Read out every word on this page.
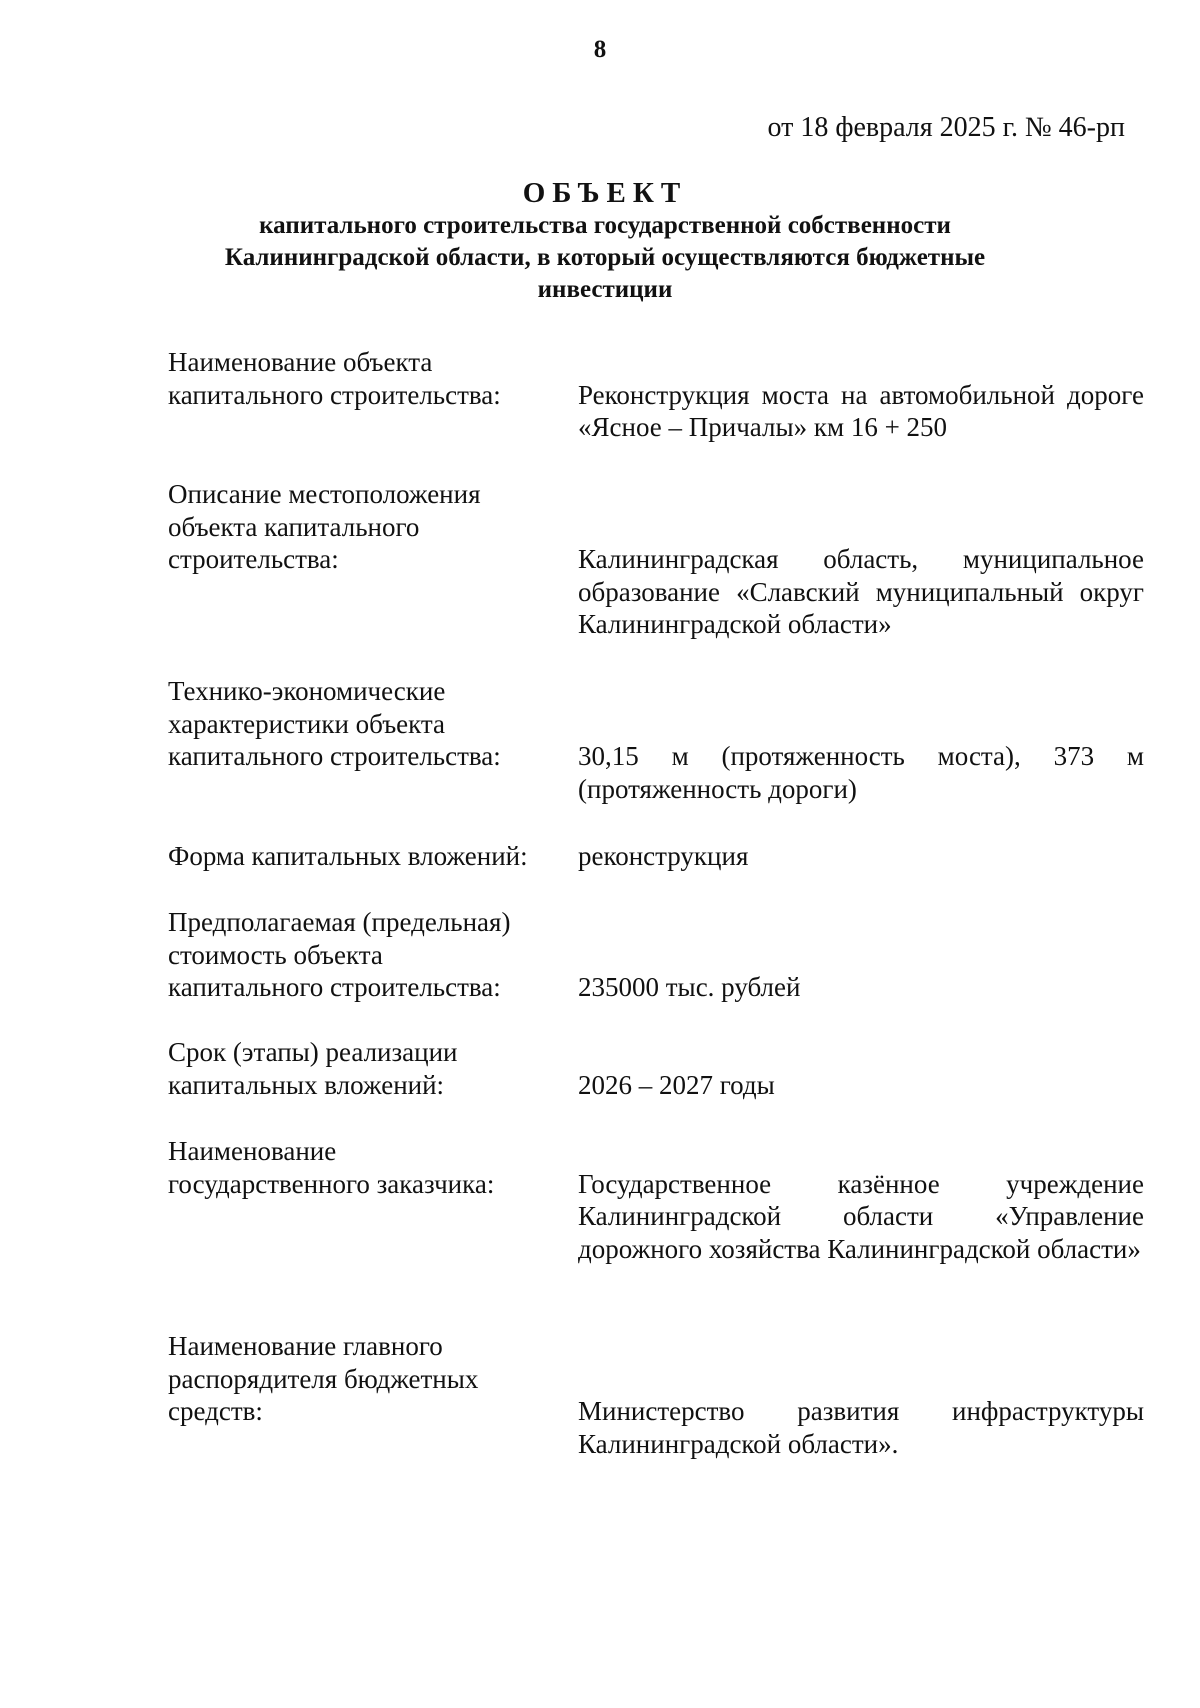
8
от 18 февраля 2025 г. № 46-рп
ОБЪЕКТ
капитального строительства государственной собственности Калининградской области, в который осуществляются бюджетные инвестиции
Наименование объекта
капитального строительства:	Реконструкция моста на автомобильной дороге «Ясное – Причалы» км 16 + 250
Описание местоположения
объекта капитального
строительства:	Калининградская область, муниципальное образование «Славский муниципальный округ Калининградской области»
Технико-экономические
характеристики объекта
капитального строительства:	30,15 м (протяженность моста), 373 м (протяженность дороги)
Форма капитальных вложений:	реконструкция
Предполагаемая (предельная)
стоимость объекта
капитального строительства:	235000 тыс. рублей
Срок (этапы) реализации
капитальных вложений:	2026 – 2027 годы
Наименование
государственного заказчика:	Государственное казённое учреждение Калининградской области «Управление дорожного хозяйства Калининградской области»
Наименование главного
распорядителя бюджетных
средств:	Министерство развития инфраструктуры Калининградской области».
